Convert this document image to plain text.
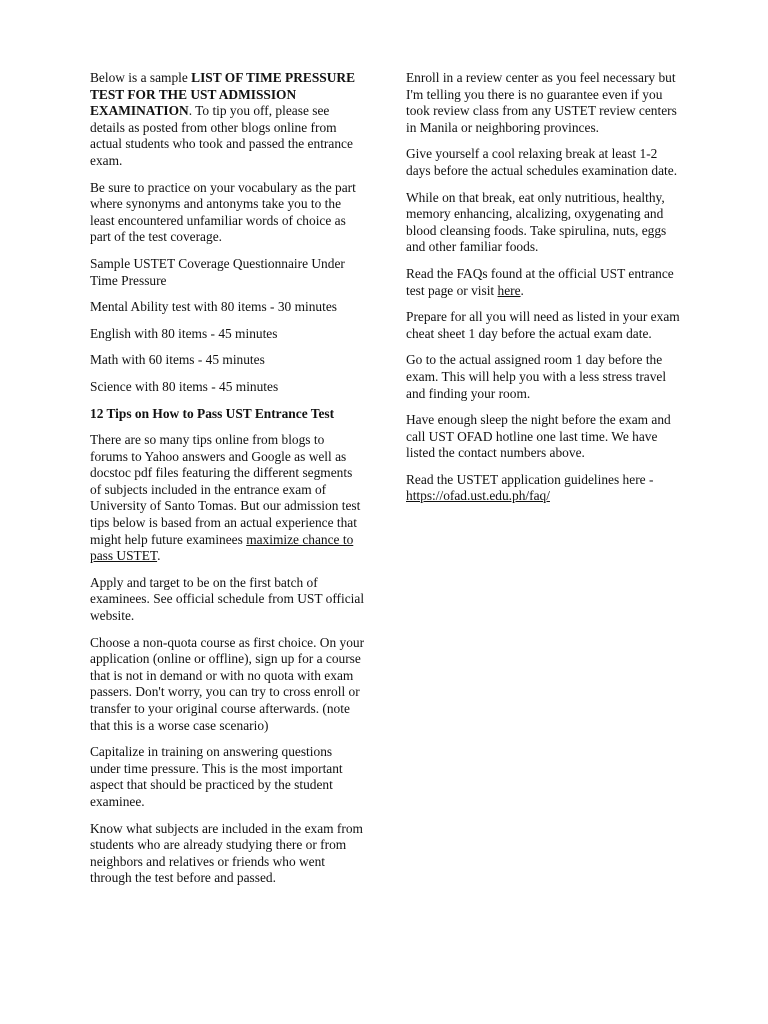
Below is a sample LIST OF TIME PRESSURE TEST FOR THE UST ADMISSION EXAMINATION. To tip you off, please see details as posted from other blogs online from actual students who took and passed the entrance exam.

Be sure to practice on your vocabulary as the part where synonyms and antonyms take you to the least encountered unfamiliar words of choice as part of the test coverage.

Sample USTET Coverage Questionnaire Under Time Pressure

Mental Ability test with 80 items - 30 minutes

English with 80 items - 45 minutes

Math with 60 items - 45 minutes

Science with 80 items - 45 minutes

12 Tips on How to Pass UST Entrance Test

There are so many tips online from blogs to forums to Yahoo answers and Google as well as docstoc pdf files featuring the different segments of subjects included in the entrance exam of University of Santo Tomas. But our admission test tips below is based from an actual experience that might help future examinees maximize chance to pass USTET.

Apply and target to be on the first batch of examinees. See official schedule from UST official website.

Choose a non-quota course as first choice. On your application (online or offline), sign up for a course that is not in demand or with no quota with exam passers. Don't worry, you can try to cross enroll or transfer to your original course afterwards. (note that this is a worse case scenario)

Capitalize in training on answering questions under time pressure. This is the most important aspect that should be practiced by the student examinee.

Know what subjects are included in the exam from students who are already studying there or from neighbors and relatives or friends who went through the test before and passed.

Enroll in a review center as you feel necessary but I'm telling you there is no guarantee even if you took review class from any USTET review centers in Manila or neighboring provinces.

Give yourself a cool relaxing break at least 1-2 days before the actual schedules examination date.

While on that break, eat only nutritious, healthy, memory enhancing, alcalizing, oxygenating and blood cleansing foods. Take spirulina, nuts, eggs and other familiar foods.

Read the FAQs found at the official UST entrance test page or visit here.

Prepare for all you will need as listed in your exam cheat sheet 1 day before the actual exam date.

Go to the actual assigned room 1 day before the exam. This will help you with a less stress travel and finding your room.

Have enough sleep the night before the exam and call UST OFAD hotline one last time. We have listed the contact numbers above.

Read the USTET application guidelines here - https://ofad.ust.edu.ph/faq/
